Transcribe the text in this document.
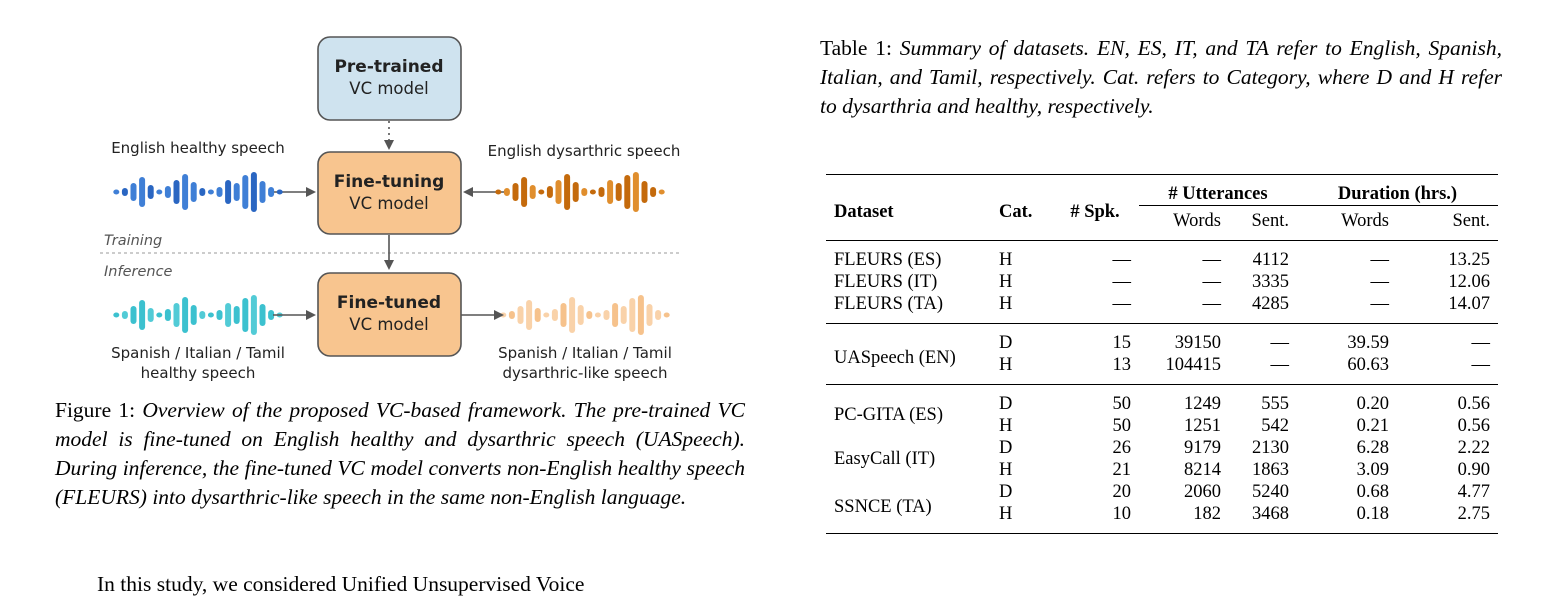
Pre-trained
VC model
Fine-tuning
VC model
English healthy speech	English dysarthric speech
Training
Inference
Fine-tuned
VC model
Spanish / Italian / Tamil
healthy speech
Spanish / Italian / Tamil
dysarthric-like speech
Figure 1: Overview of the proposed VC-based framework. The pre-trained VC model is fine-tuned on English healthy and dysarthric speech (UASpeech). During inference, the fine-tuned VC model converts non-English healthy speech (FLEURS) into dysarthric-like speech in the same non-English language.
In this study, we considered Unified Unsupervised Voice
Table 1: Summary of datasets. EN, ES, IT, and TA refer to English, Spanish, Italian, and Tamil, respectively. Cat. refers to Category, where D and H refer to dysarthria and healthy, respectively.
Dataset	Cat.	# Spk.	# Utterances		Duration (hrs.)	
			Words	Sent.	Words	Sent.
FLEURS (ES)	H	—	—	4112	—	13.25
FLEURS (IT)	H	—	—	3335	—	12.06
FLEURS (TA)	H	—	—	4285	—	14.07
UASpeech (EN)	D	15	39150	—	39.59	—
	H	13	104415	—	60.63	—
PC-GITA (ES)	D	50	1249	555	0.20	0.56
	H	50	1251	542	0.21	0.56
EasyCall (IT)	D	26	9179	2130	6.28	2.22
	H	21	8214	1863	3.09	0.90
SSNCE (TA)	D	20	2060	5240	0.68	4.77
	H	10	182	3468	0.18	2.75
